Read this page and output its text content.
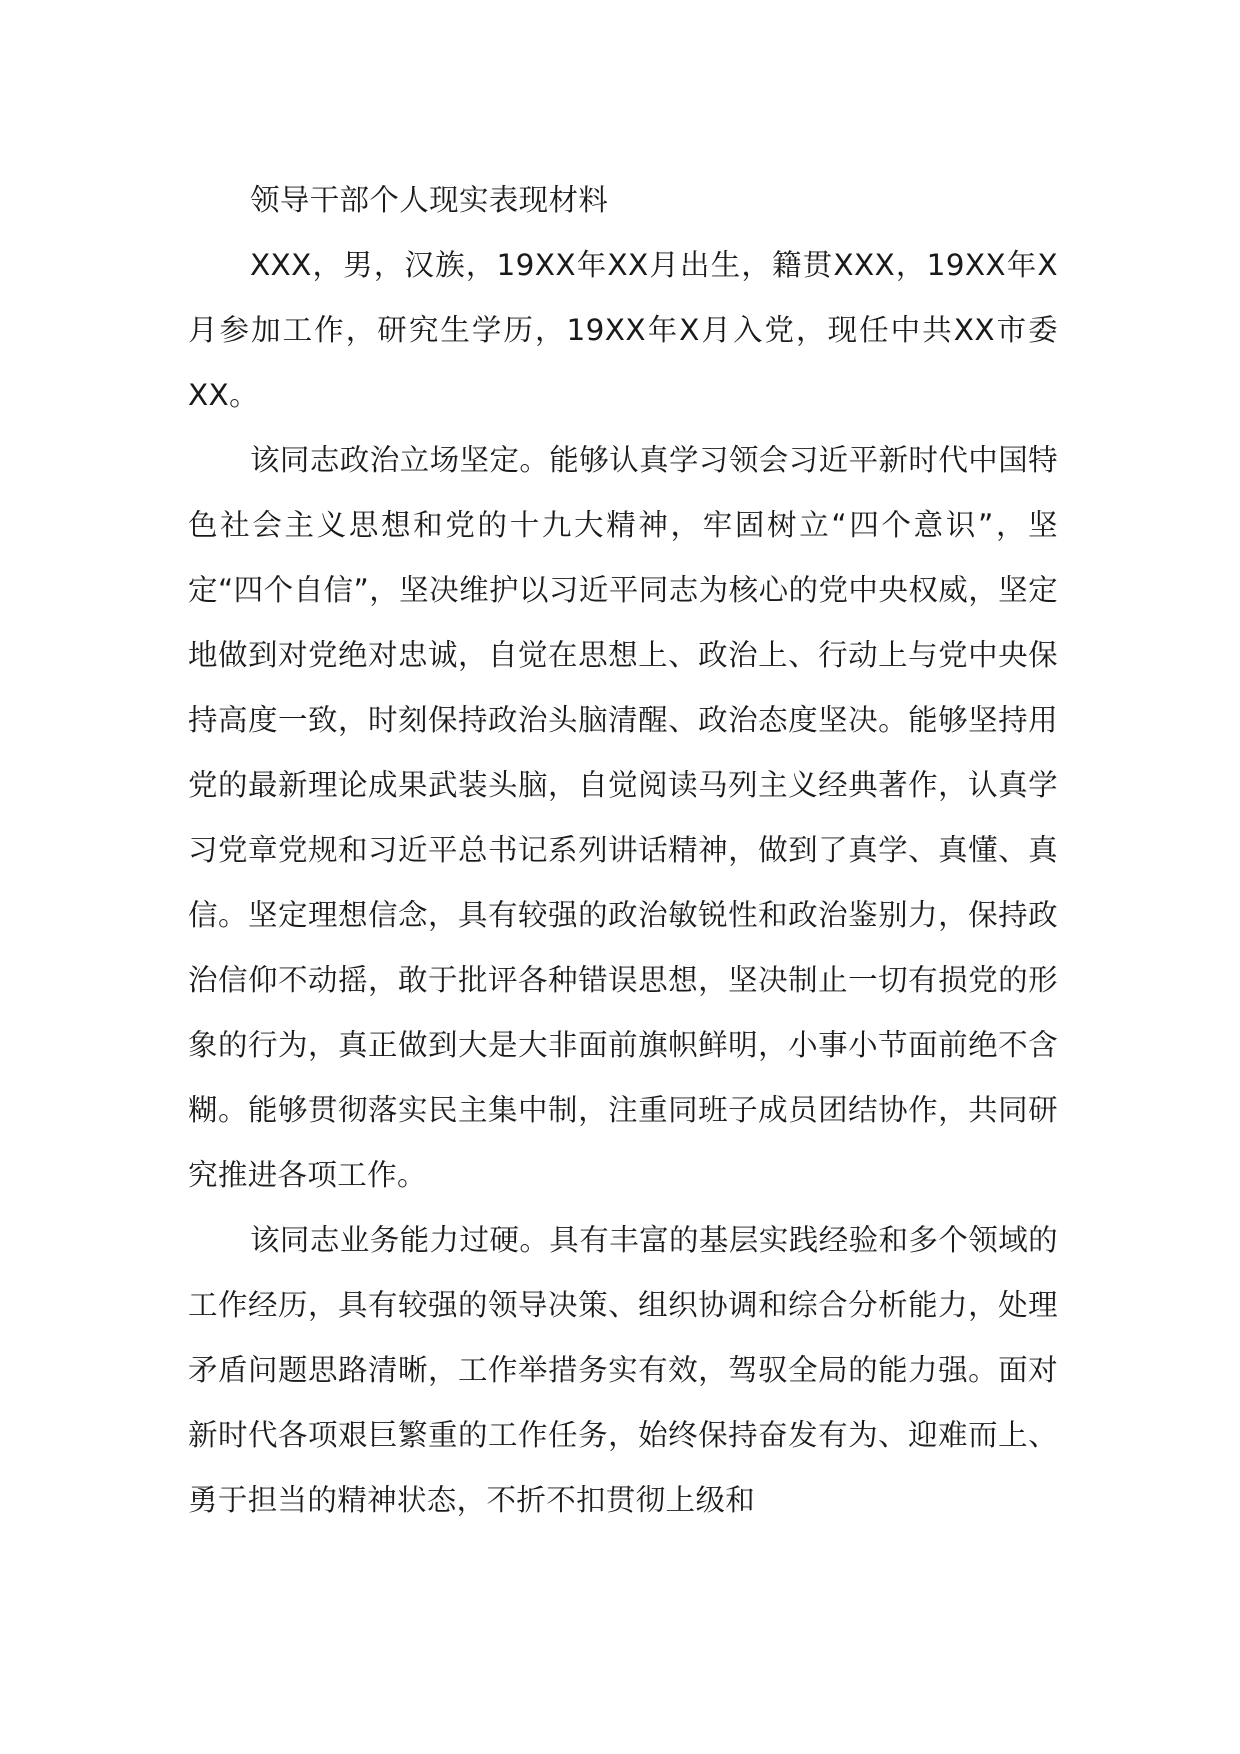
领导干部个人现实表现材料

XXX，男，汉族，19XX年XX月出生，籍贯XXX，19XX年X月参加工作，研究生学历，19XX年X月入党，现任中共XX市委XX。

该同志政治立场坚定。能够认真学习领会习近平新时代中国特色社会主义思想和党的十九大精神，牢固树立“四个意识”，坚定“四个自信”，坚决维护以习近平同志为核心的党中央权威，坚定地做到对党绝对忠诚，自觉在思想上、政治上、行动上与党中央保持高度一致，时刻保持政治头脑清醒、政治态度坚决。能够坚持用党的最新理论成果武装头脑，自觉阅读马列主义经典著作，认真学习党章党规和习近平总书记系列讲话精神，做到了真学、真懂、真信。坚定理想信念，具有较强的政治敏锐性和政治鉴别力，保持政治信仰不动摇，敢于批评各种错误思想，坚决制止一切有损党的形象的行为，真正做到大是大非面前旗帜鲜明，小事小节面前绝不含糊。能够贯彻落实民主集中制，注重同班子成员团结协作，共同研究推进各项工作。

该同志业务能力过硬。具有丰富的基层实践经验和多个领域的工作经历，具有较强的领导决策、组织协调和综合分析能力，处理矛盾问题思路清晰，工作举措务实有效，驾驭全局的能力强。面对新时代各项艰巨繁重的工作任务，始终保持奋发有为、迎难而上、勇于担当的精神状态，不折不扣贯彻上级和
